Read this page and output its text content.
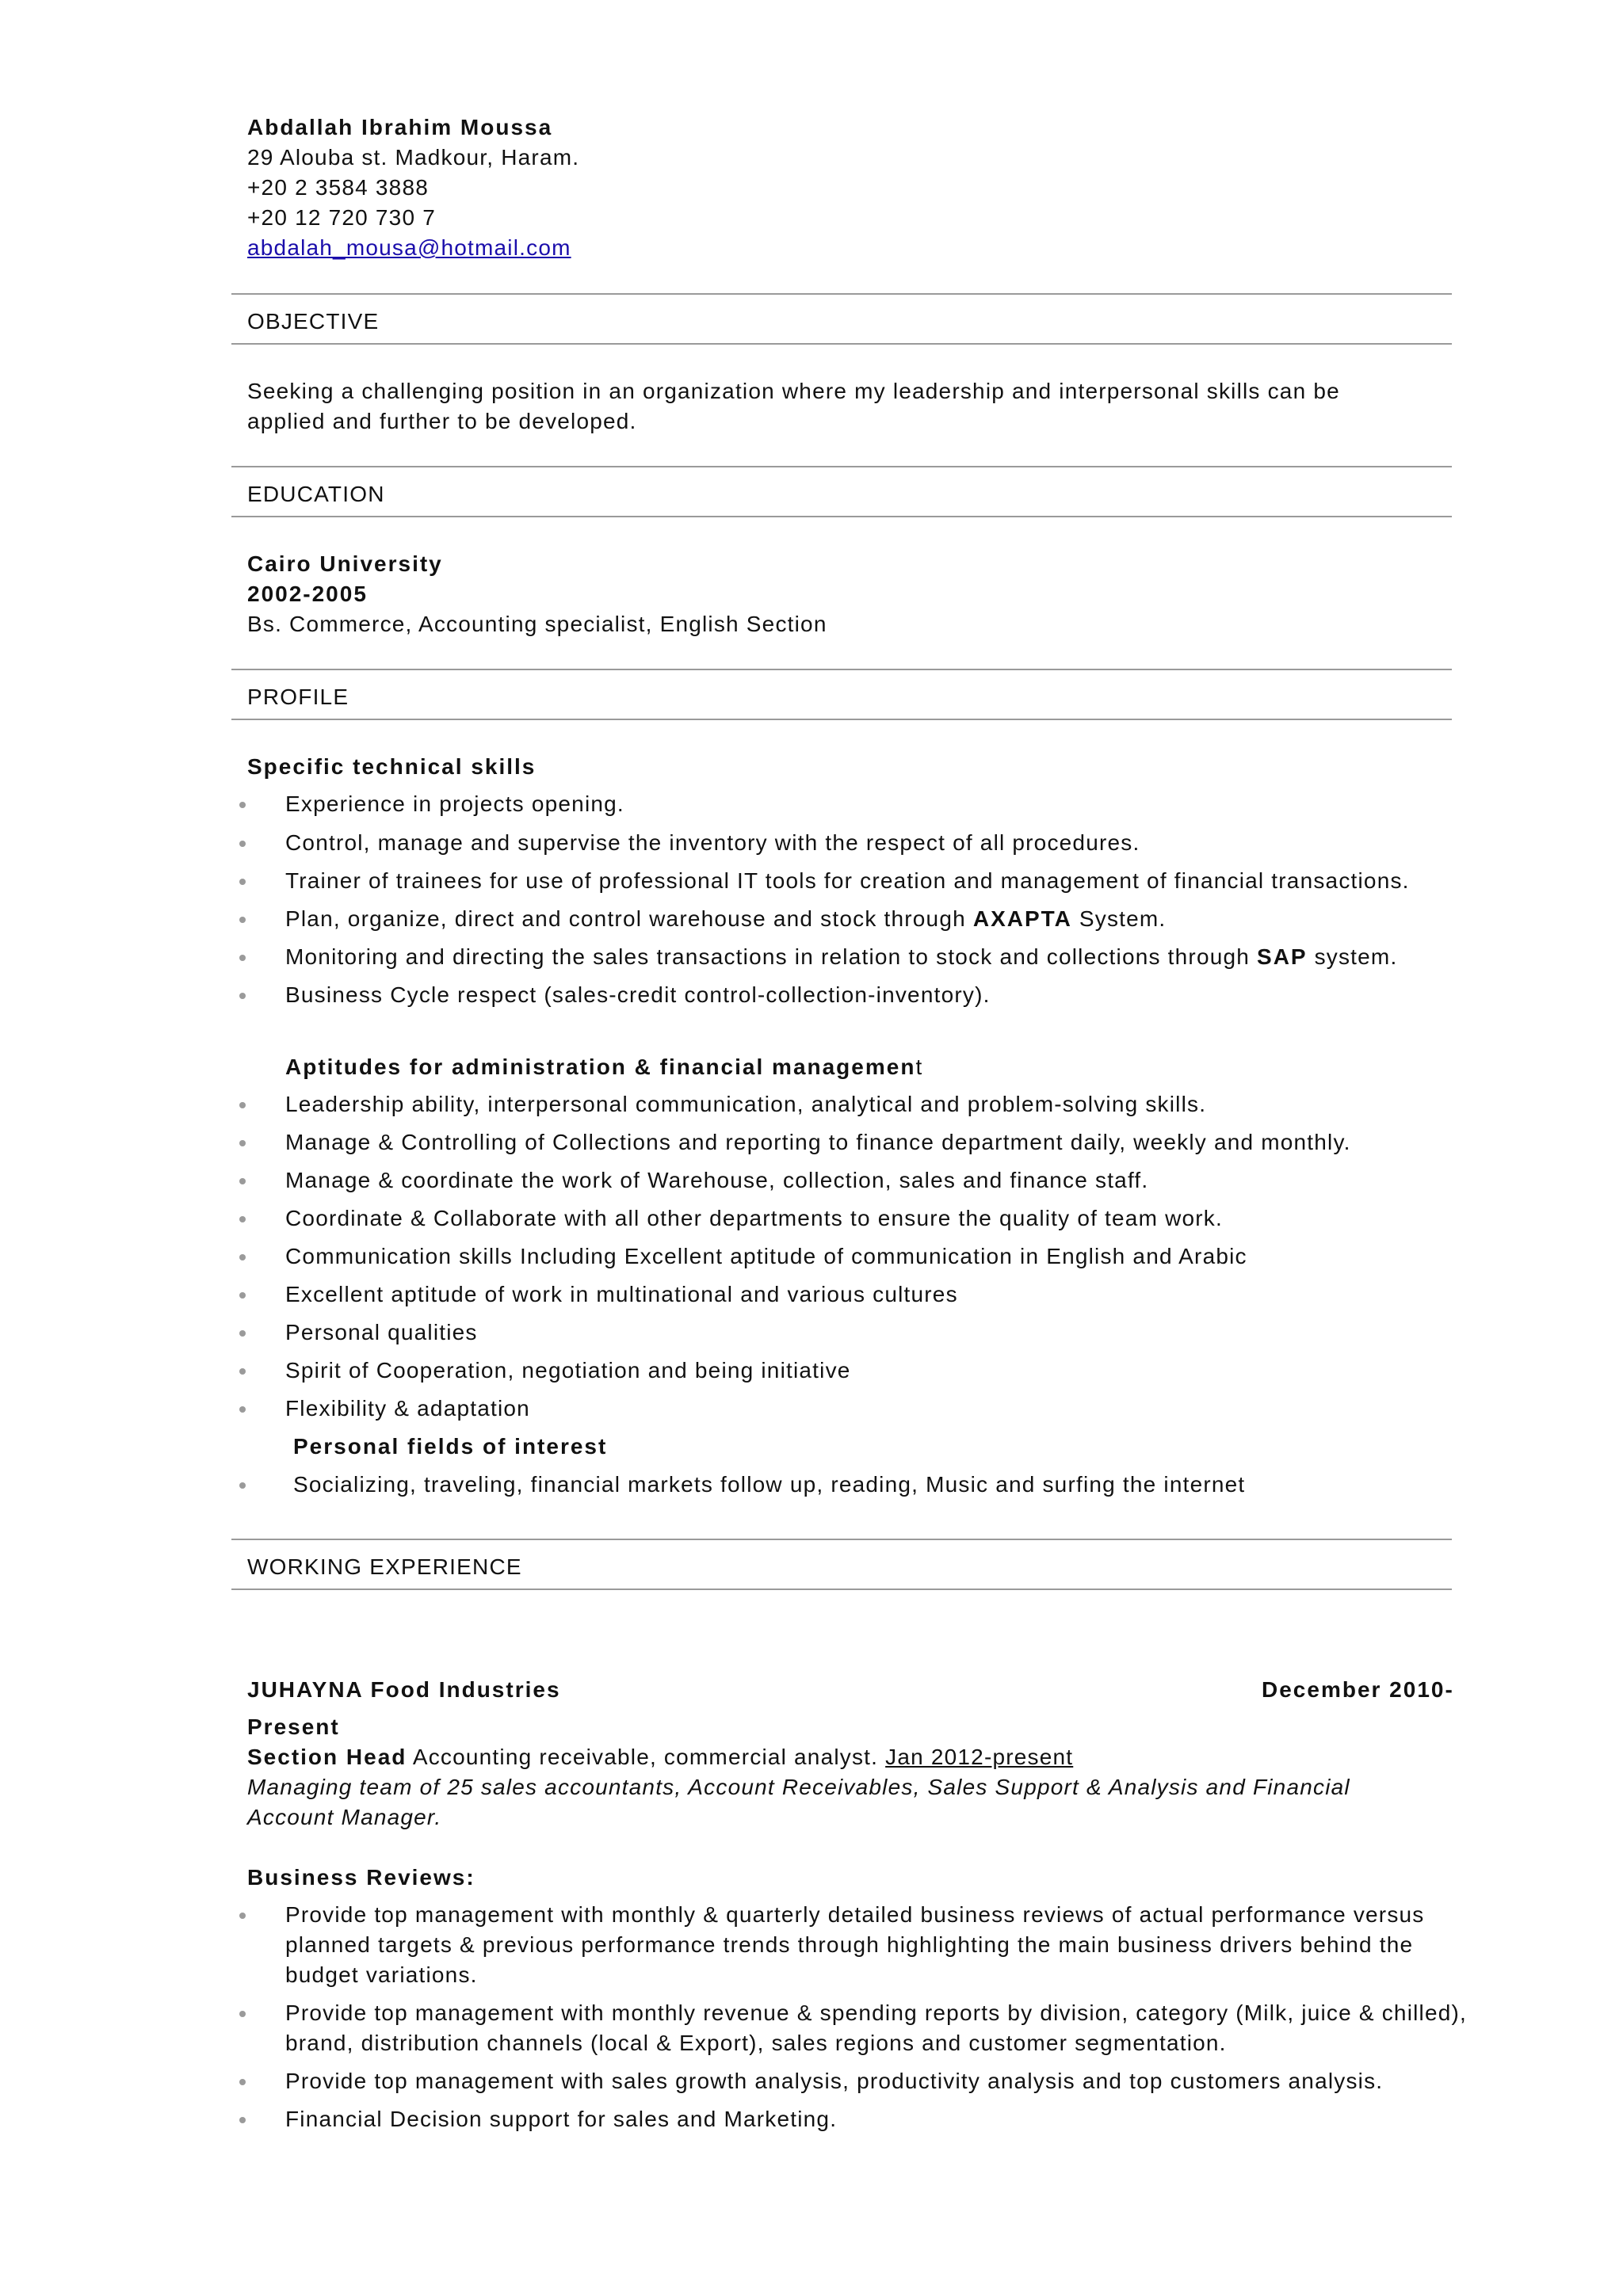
Abdallah Ibrahim Moussa
29 Alouba st. Madkour, Haram.
+20 2 3584 3888
+20 12 720 730 7
abdalah_mousa@hotmail.com
OBJECTIVE
Seeking a challenging position in an organization where my leadership and interpersonal skills can be
applied and further to be developed.
EDUCATION
Cairo University
2002-2005
Bs. Commerce, Accounting specialist, English Section
PROFILE
Specific technical skills
Experience in projects opening.
Control, manage and supervise the inventory with the respect of all procedures.
Trainer of trainees for use of professional IT tools for creation and management of financial transactions.
Plan, organize, direct and control warehouse and stock through AXAPTA System.
Monitoring and directing the sales transactions in relation to stock and collections through SAP system.
Business Cycle respect (sales-credit control-collection-inventory).
Aptitudes for administration & financial management
Leadership ability, interpersonal communication, analytical and problem-solving skills.
Manage & Controlling of Collections and reporting to finance department daily, weekly and monthly.
Manage & coordinate the work of Warehouse, collection, sales and finance staff.
Coordinate & Collaborate with all other departments to ensure the quality of team work.
Communication skills Including Excellent aptitude of communication in English and Arabic
Excellent aptitude of work in multinational and various cultures
Personal qualities
Spirit of Cooperation, negotiation and being initiative
Flexibility & adaptation
Personal fields of interest
Socializing, traveling, financial markets follow up, reading, Music and surfing the internet
WORKING EXPERIENCE
JUHAYNA Food Industries	December 2010-
Present
Section Head Accounting receivable, commercial analyst. Jan 2012-present
Managing team of 25 sales accountants, Account Receivables, Sales Support & Analysis and Financial
Account Manager.
Business Reviews:
Provide top management with monthly & quarterly detailed business reviews of actual performance versus planned targets & previous performance trends through highlighting the main business drivers behind the budget variations.
Provide top management with monthly revenue & spending reports by division, category (Milk, juice & chilled), brand, distribution channels (local & Export), sales regions and customer segmentation.
Provide top management with sales growth analysis, productivity analysis and top customers analysis.
Financial Decision support for sales and Marketing.
